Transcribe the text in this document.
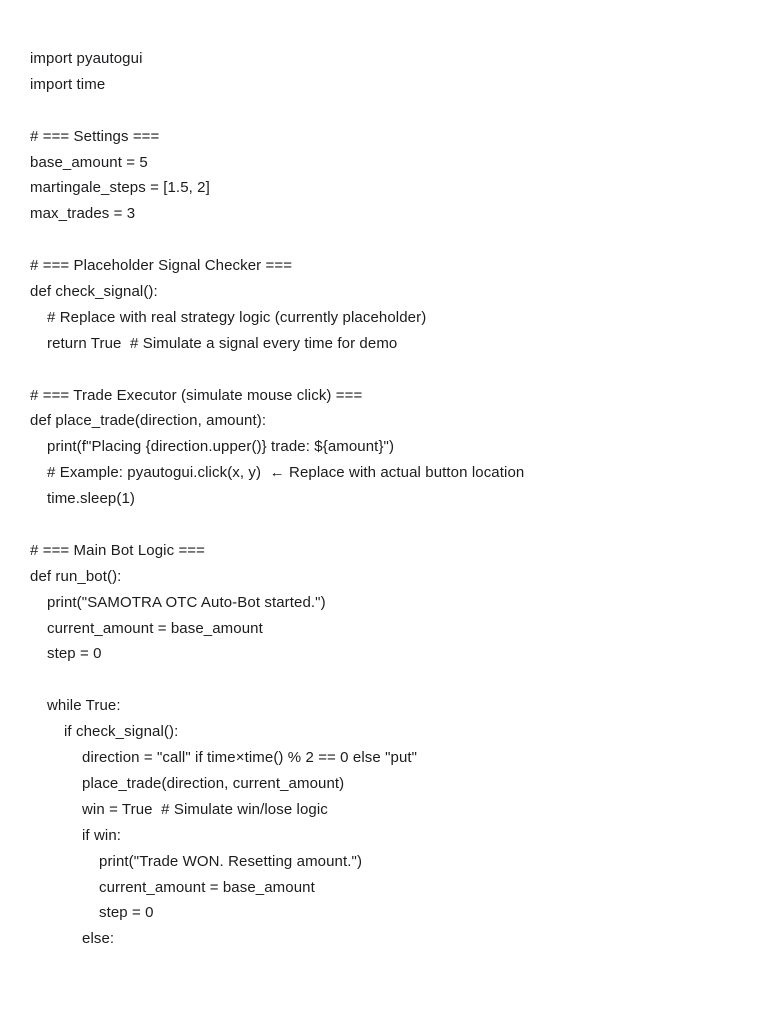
import pyautogui
import time
# === Settings ===
base_amount = 5
martingale_steps = [1.5, 2]
max_trades = 3
# === Placeholder Signal Checker ===
def check_signal():
# Replace with real strategy logic (currently placeholder)
return True  # Simulate a signal every time for demo
# === Trade Executor (simulate mouse click) ===
def place_trade(direction, amount):
print(f"Placing {direction.upper()} trade: ${amount}")
# Example: pyautogui.click(x, y)  ← Replace with actual button location
time.sleep(1)
# === Main Bot Logic ===
def run_bot():
print("SAMOTRA OTC Auto-Bot started.")
current_amount = base_amount
step = 0
while True:
if check_signal():
direction = "call" if time×time() % 2 == 0 else "put"
place_trade(direction, current_amount)
win = True  # Simulate win/lose logic
if win:
print("Trade WON. Resetting amount.")
current_amount = base_amount
step = 0
else:
